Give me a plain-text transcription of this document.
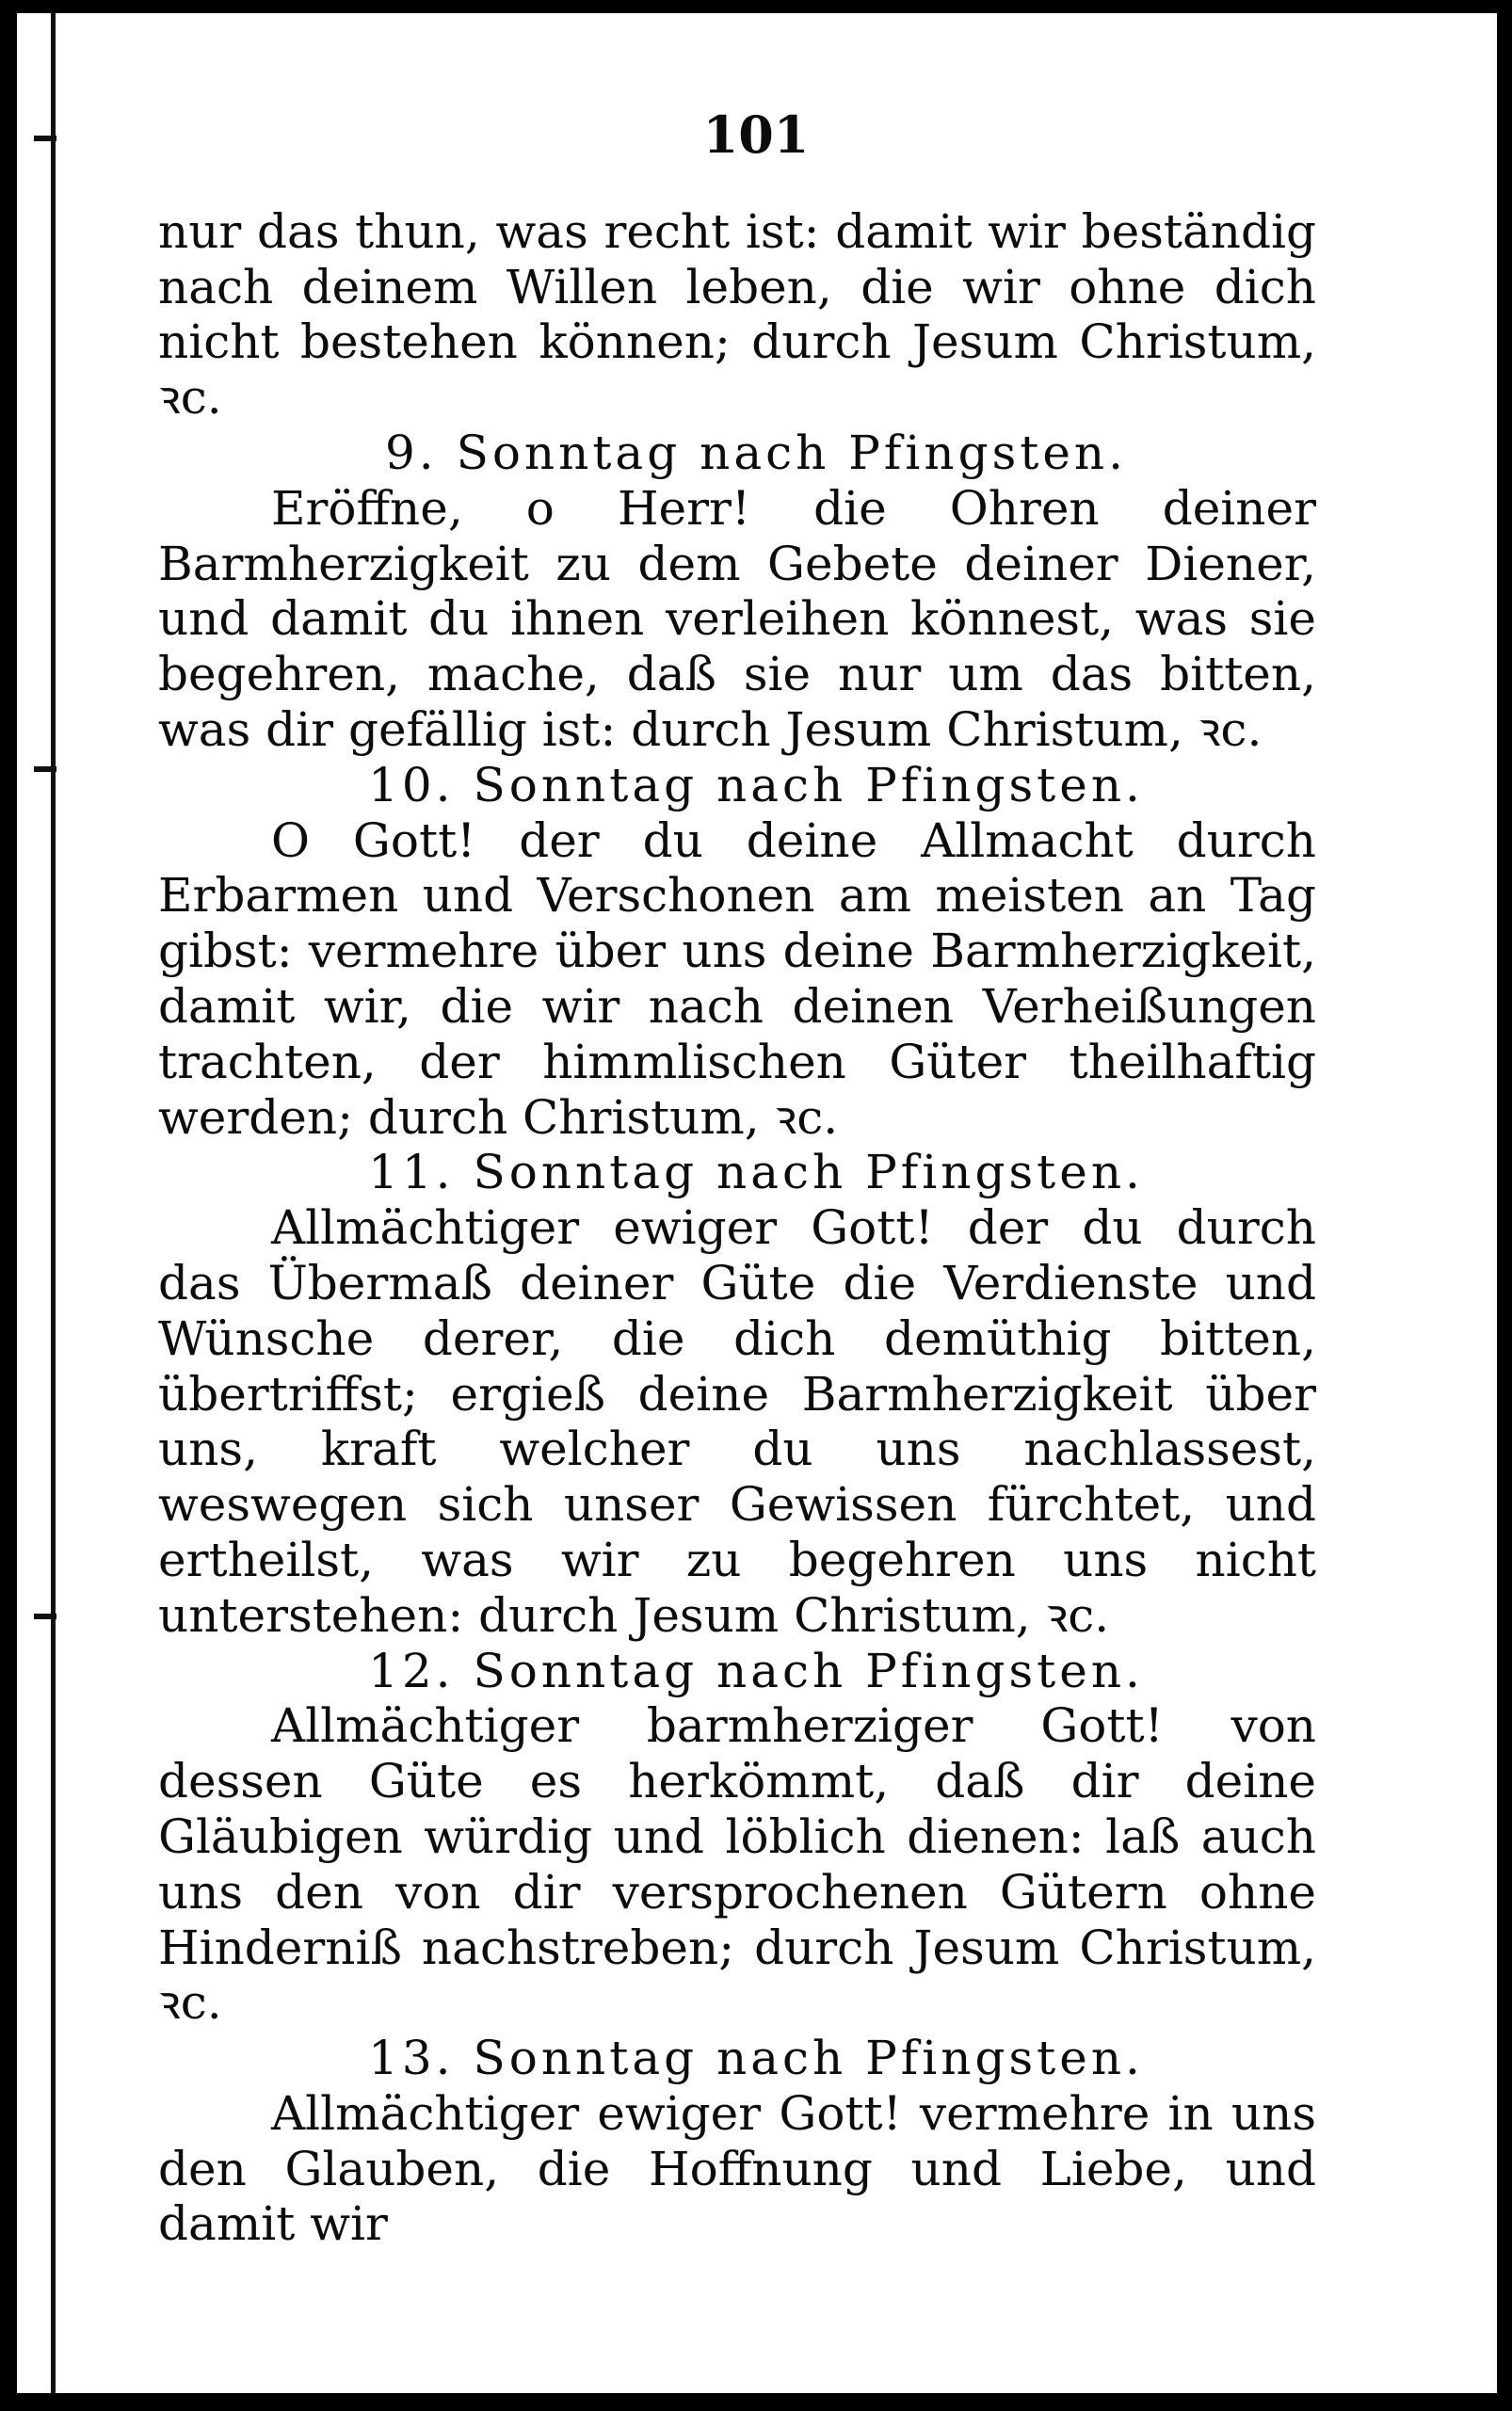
101

nur das thun, was recht ist: damit wir beständig nach deinem Willen leben, die wir ohne dich nicht bestehen können; durch Jesum Christum, ꝛc.

9. Sonntag nach Pfingsten.

Eröffne, o Herr! die Ohren deiner Barmherzigkeit zu dem Gebete deiner Diener, und damit du ihnen verleihen könnest, was sie begehren, mache, daß sie nur um das bitten, was dir gefällig ist: durch Jesum Christum, ꝛc.

10. Sonntag nach Pfingsten.

O Gott! der du deine Allmacht durch Erbarmen und Verschonen am meisten an Tag gibst: vermehre über uns deine Barmherzigkeit, damit wir, die wir nach deinen Verheißungen trachten, der himmlischen Güter theilhaftig werden; durch Christum, ꝛc.

11. Sonntag nach Pfingsten.

Allmächtiger ewiger Gott! der du durch das Übermaß deiner Güte die Verdienste und Wünsche derer, die dich demüthig bitten, übertriffst; ergieß deine Barmherzigkeit über uns, kraft welcher du uns nachlassest, weswegen sich unser Gewissen fürchtet, und ertheilst, was wir zu begehren uns nicht unterstehen: durch Jesum Christum, ꝛc.

12. Sonntag nach Pfingsten.

Allmächtiger barmherziger Gott! von dessen Güte es herkömmt, daß dir deine Gläubigen würdig und löblich dienen: laß auch uns den von dir versprochenen Gütern ohne Hinderniß nachstreben; durch Jesum Christum, ꝛc.

13. Sonntag nach Pfingsten.

Allmächtiger ewiger Gott! vermehre in uns den Glauben, die Hoffnung und Liebe, und damit wir
